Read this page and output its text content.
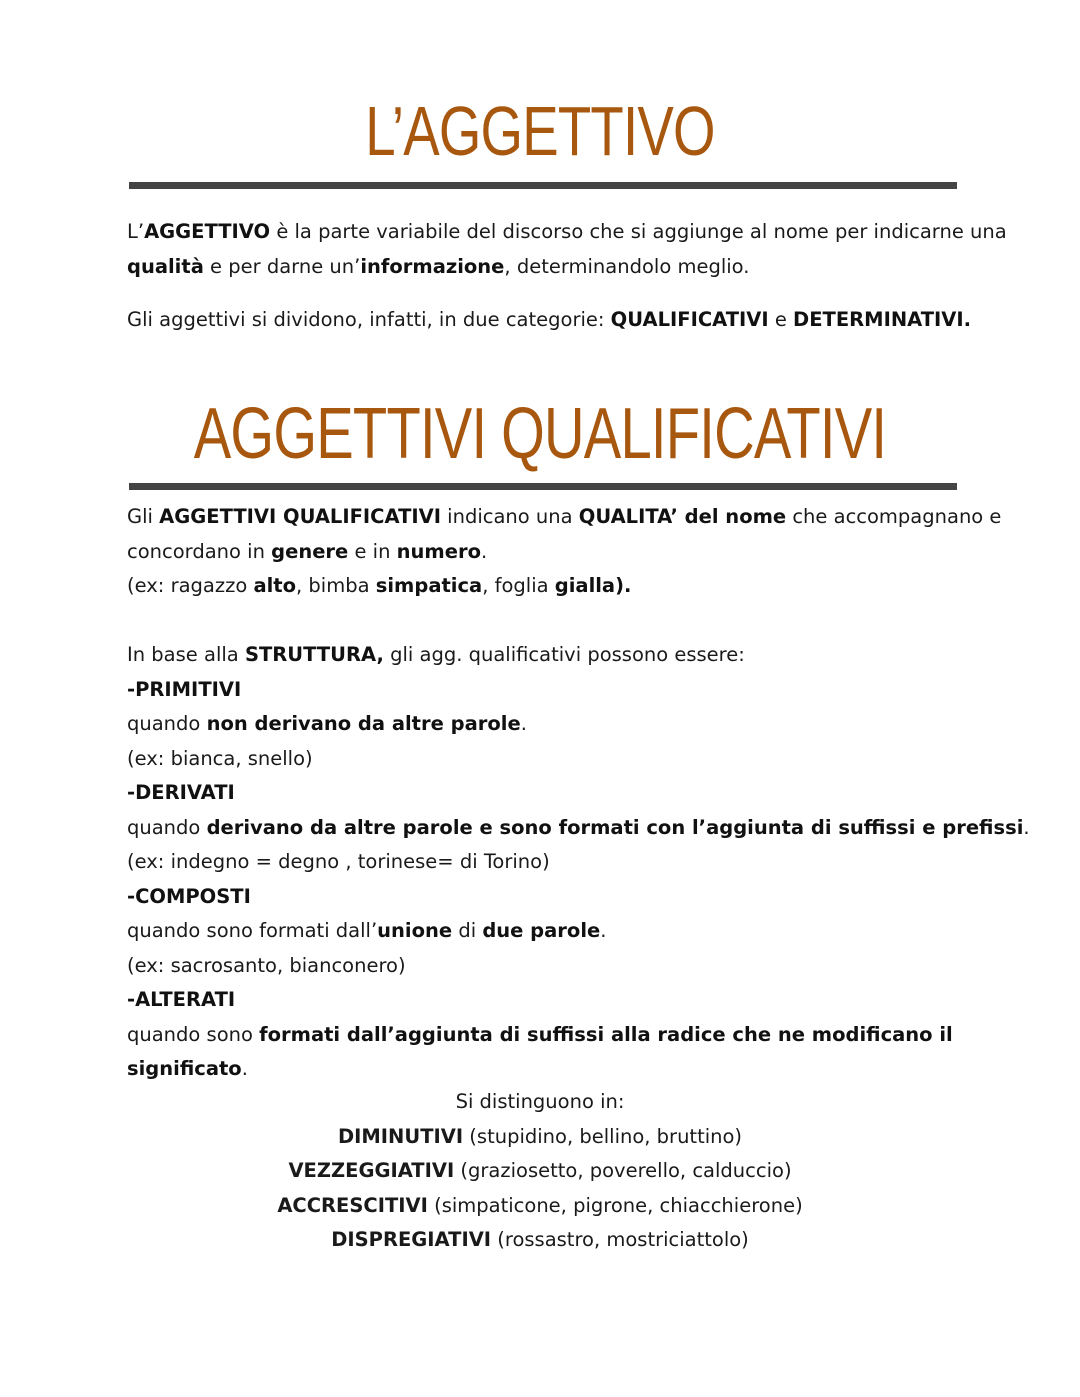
L’AGGETTIVO
L’AGGETTIVO è la parte variabile del discorso che si aggiunge al nome per indicarne una
qualità e per darne un’informazione, determinandolo meglio.
Gli aggettivi si dividono, infatti, in due categorie: QUALIFICATIVI e DETERMINATIVI.
AGGETTIVI QUALIFICATIVI
Gli AGGETTIVI QUALIFICATIVI indicano una QUALITA’ del nome che accompagnano e
concordano in genere e in numero.
(ex: ragazzo alto, bimba simpatica, foglia gialla).
In base alla STRUTTURA, gli agg. qualificativi possono essere:
-PRIMITIVI
quando non derivano da altre parole.
(ex: bianca, snello)
-DERIVATI
quando derivano da altre parole e sono formati con l’aggiunta di suffissi e prefissi.
(ex: indegno = degno , torinese= di Torino)
-COMPOSTI
quando sono formati dall’unione di due parole.
(ex: sacrosanto, bianconero)
-ALTERATI
quando sono formati dall’aggiunta di suffissi alla radice che ne modificano il
significato.
Si distinguono in:
DIMINUTIVI (stupidino, bellino, bruttino)
VEZZEGGIATIVI (graziosetto, poverello, calduccio)
ACCRESCITIVI (simpaticone, pigrone, chiacchierone)
DISPREGIATIVI (rossastro, mostriciattolo)
